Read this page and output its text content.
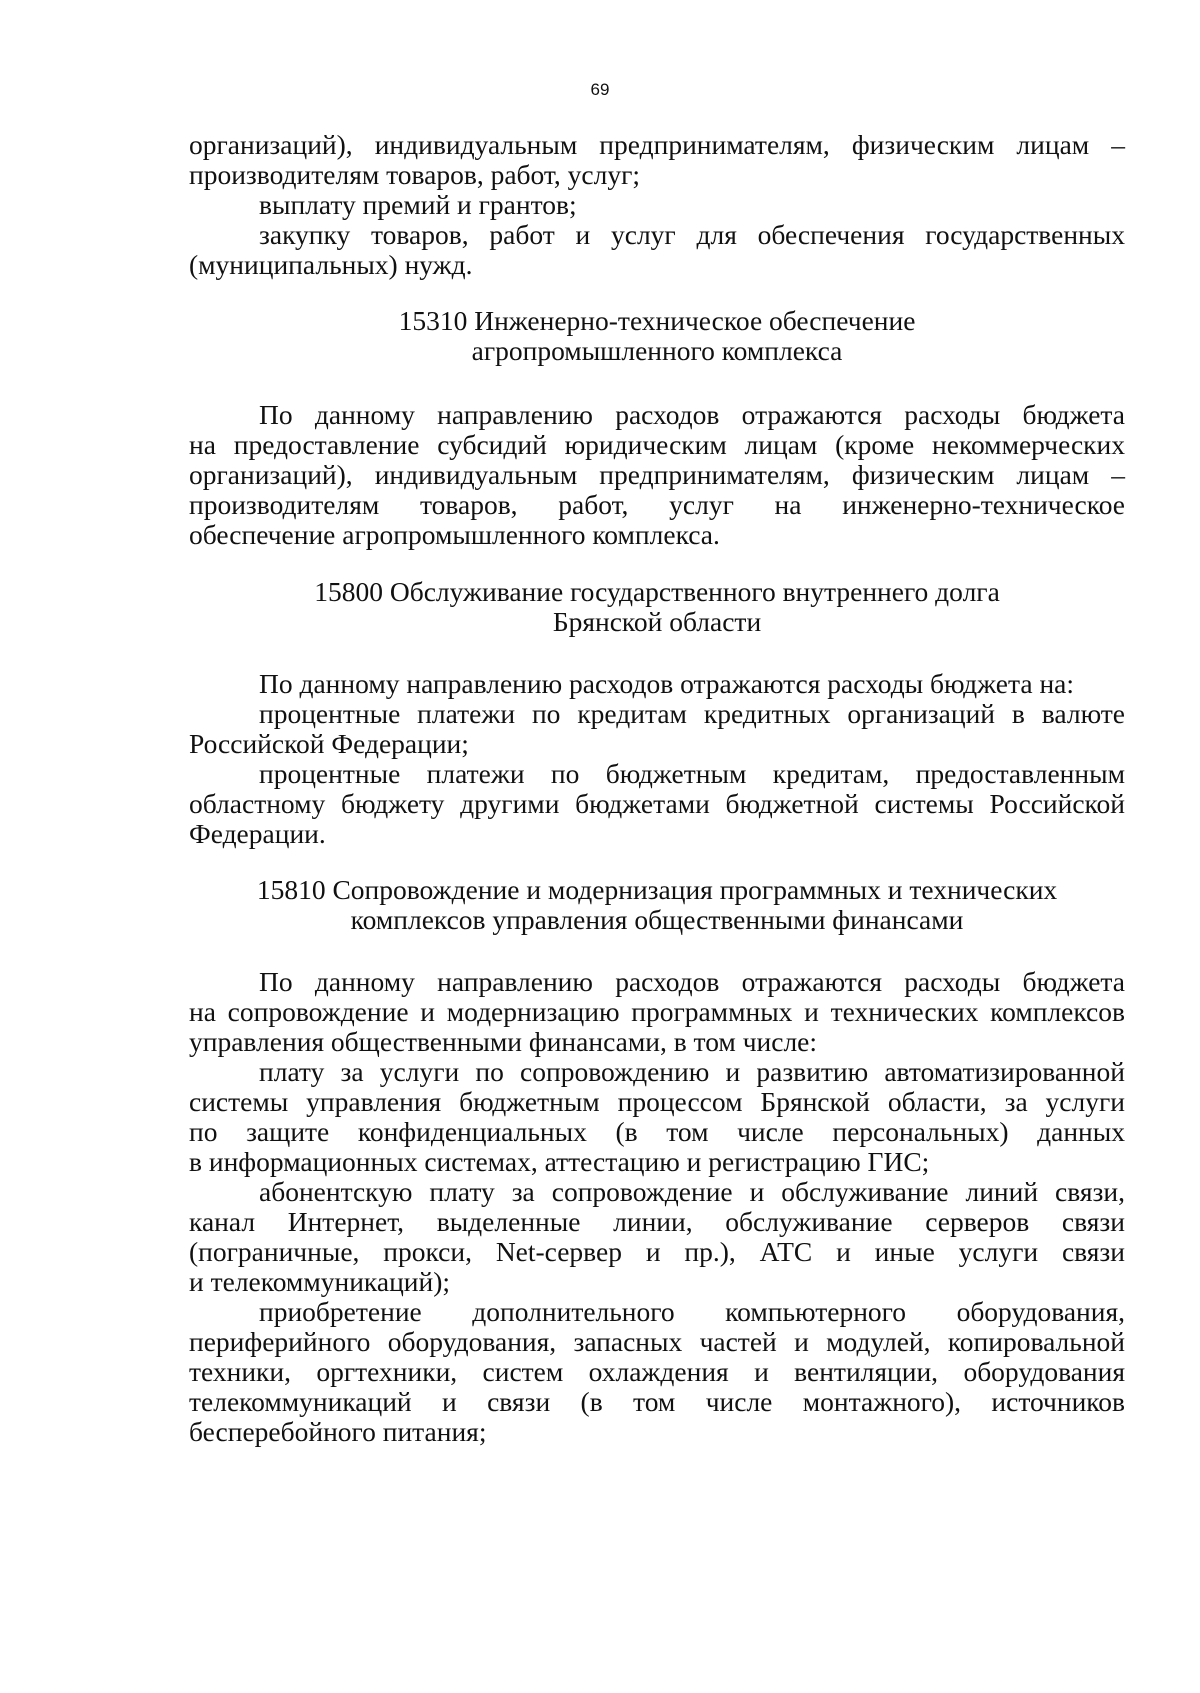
69
организаций), индивидуальным предпринимателям, физическим лицам –
производителям товаров, работ, услуг;
выплату премий и грантов;
закупку товаров, работ и услуг для обеспечения государственных
(муниципальных) нужд.
15310 Инженерно-техническое обеспечение
агропромышленного комплекса
По данному направлению расходов отражаются расходы бюджета
на предоставление субсидий юридическим лицам (кроме некоммерческих
организаций), индивидуальным предпринимателям, физическим лицам –
производителям товаров, работ, услуг на инженерно-техническое
обеспечение агропромышленного комплекса.
15800 Обслуживание государственного внутреннего долга
Брянской области
По данному направлению расходов отражаются расходы бюджета на:
процентные платежи по кредитам кредитных организаций в валюте
Российской Федерации;
процентные платежи по бюджетным кредитам, предоставленным
областному бюджету другими бюджетами бюджетной системы Российской
Федерации.
15810 Сопровождение и модернизация программных и технических
комплексов управления общественными финансами
По данному направлению расходов отражаются расходы бюджета
на сопровождение и модернизацию программных и технических комплексов
управления общественными финансами, в том числе:
плату за услуги по сопровождению и развитию автоматизированной
системы управления бюджетным процессом Брянской области, за услуги
по защите конфиденциальных (в том числе персональных) данных
в информационных системах, аттестацию и регистрацию ГИС;
абонентскую плату за сопровождение и обслуживание линий связи,
канал Интернет, выделенные линии, обслуживание серверов связи
(пограничные, прокси, Net-сервер и пр.), АТС и иные услуги связи
и телекоммуникаций);
приобретение дополнительного компьютерного оборудования,
периферийного оборудования, запасных частей и модулей, копировальной
техники, оргтехники, систем охлаждения и вентиляции, оборудования
телекоммуникаций и связи (в том числе монтажного), источников
бесперебойного питания;
